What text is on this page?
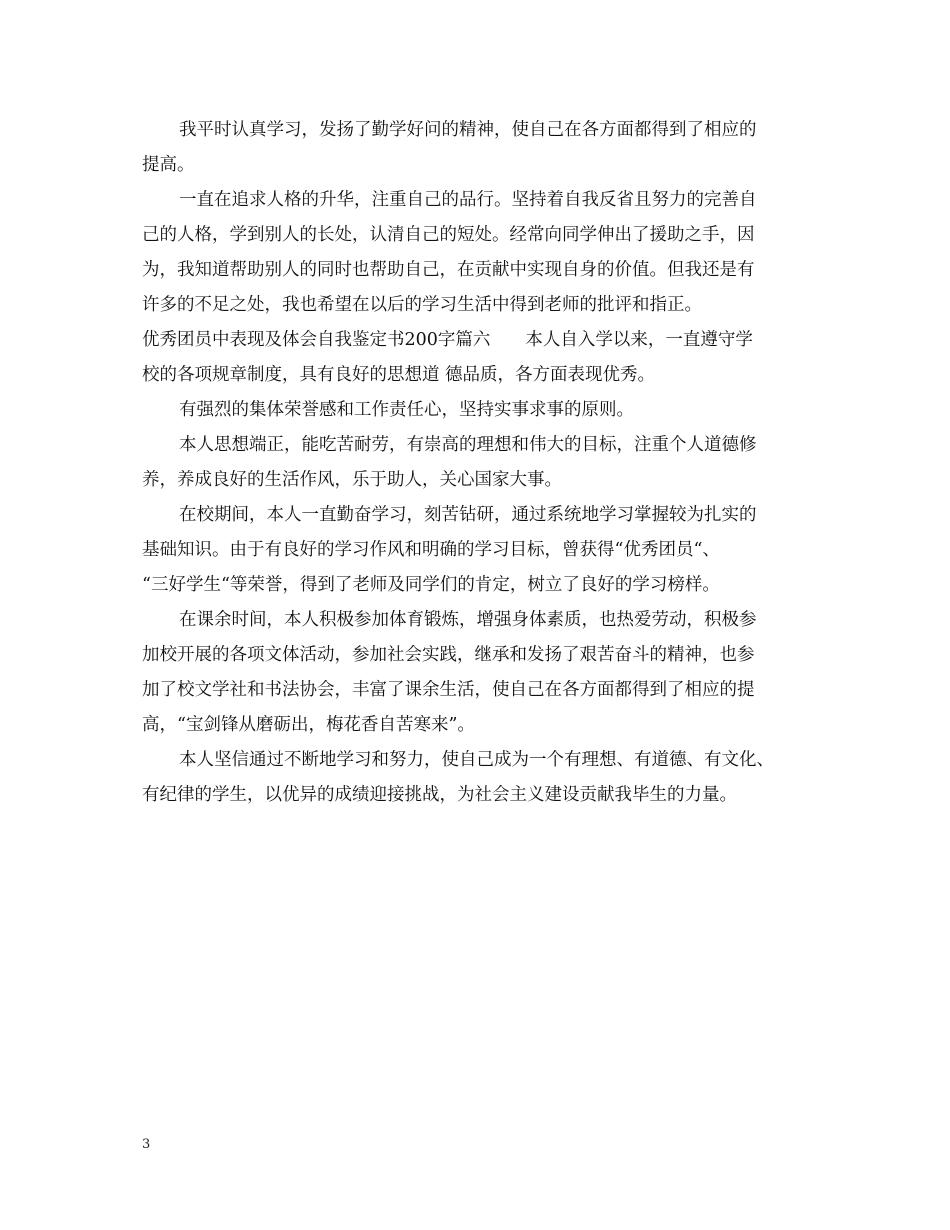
我平时认真学习，发扬了勤学好问的精神，使自己在各方面都得到了相应的
提高。
一直在追求人格的升华，注重自己的品行。坚持着自我反省且努力的完善自
己的人格，学到别人的长处，认清自己的短处。经常向同学伸出了援助之手，因
为，我知道帮助别人的同时也帮助自己，在贡献中实现自身的价值。但我还是有
许多的不足之处，我也希望在以后的学习生活中得到老师的批评和指正。
优秀团员中表现及体会自我鉴定书200字篇六　　本人自入学以来，一直遵守学
校的各项规章制度，具有良好的思想道 德品质，各方面表现优秀。
有强烈的集体荣誉感和工作责任心，坚持实事求事的原则。
本人思想端正，能吃苦耐劳，有崇高的理想和伟大的目标，注重个人道德修
养，养成良好的生活作风，乐于助人，关心国家大事。
在校期间，本人一直勤奋学习，刻苦钻研，通过系统地学习掌握较为扎实的
基础知识。由于有良好的学习作风和明确的学习目标，曾获得“优秀团员“、
“三好学生“等荣誉，得到了老师及同学们的肯定，树立了良好的学习榜样。
在课余时间，本人积极参加体育锻炼，增强身体素质，也热爱劳动，积极参
加校开展的各项文体活动，参加社会实践，继承和发扬了艰苦奋斗的精神，也参
加了校文学社和书法协会，丰富了课余生活，使自己在各方面都得到了相应的提
高，“宝剑锋从磨砺出，梅花香自苦寒来”。
本人坚信通过不断地学习和努力，使自己成为一个有理想、有道德、有文化、
有纪律的学生，以优异的成绩迎接挑战，为社会主义建设贡献我毕生的力量。
3
